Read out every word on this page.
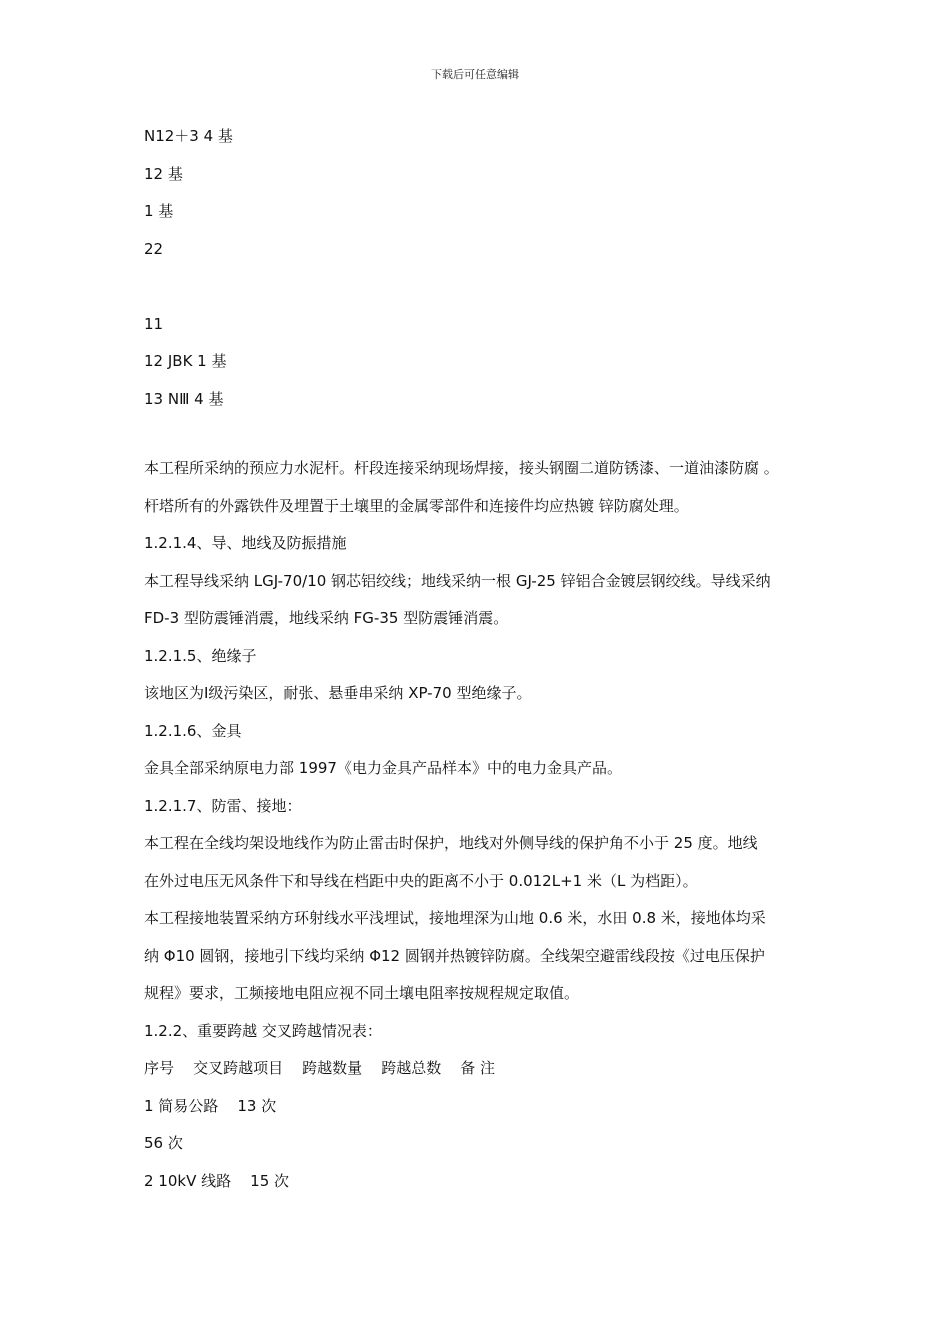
下载后可任意编辑
N12＋3 4 基
12 基
1 基
22
11
12 JBK 1 基
13 NⅢ 4 基
本工程所采纳的预应力水泥杆。杆段连接采纳现场焊接，接头钢圈二道防锈漆、一道油漆防腐 。
杆塔所有的外露铁件及埋置于土壤里的金属零部件和连接件均应热镀 锌防腐处理。
1.2.1.4、导、地线及防振措施
本工程导线采纳 LGJ-70/10 钢芯铝绞线；地线采纳一根 GJ-25 锌铝合金镀层钢绞线。导线采纳
FD-3 型防震锤消震，地线采纳 FG-35 型防震锤消震。
1.2.1.5、绝缘子
该地区为Ⅰ级污染区，耐张、悬垂串采纳 XP-70 型绝缘子。
1.2.1.6、金具
金具全部采纳原电力部 1997《电力金具产品样本》中的电力金具产品。
1.2.1.7、防雷、接地：
本工程在全线均架设地线作为防止雷击时保护，地线对外侧导线的保护角不小于 25 度。地线
在外过电压无风条件下和导线在档距中央的距离不小于 0.012L+1 米（L 为档距）。
本工程接地装置采纳方环射线水平浅埋试，接地埋深为山地 0.6 米，水田 0.8 米，接地体均采
纳 Φ10 圆钢，接地引下线均采纳 Φ12 圆钢并热镀锌防腐。全线架空避雷线段按《过电压保护
规程》要求，工频接地电阻应视不同土壤电阻率按规程规定取值。
1.2.2、重要跨越 交叉跨越情况表：
序号    交叉跨越项目    跨越数量    跨越总数    备 注
1 简易公路    13 次
56 次
2 10kV 线路    15 次
